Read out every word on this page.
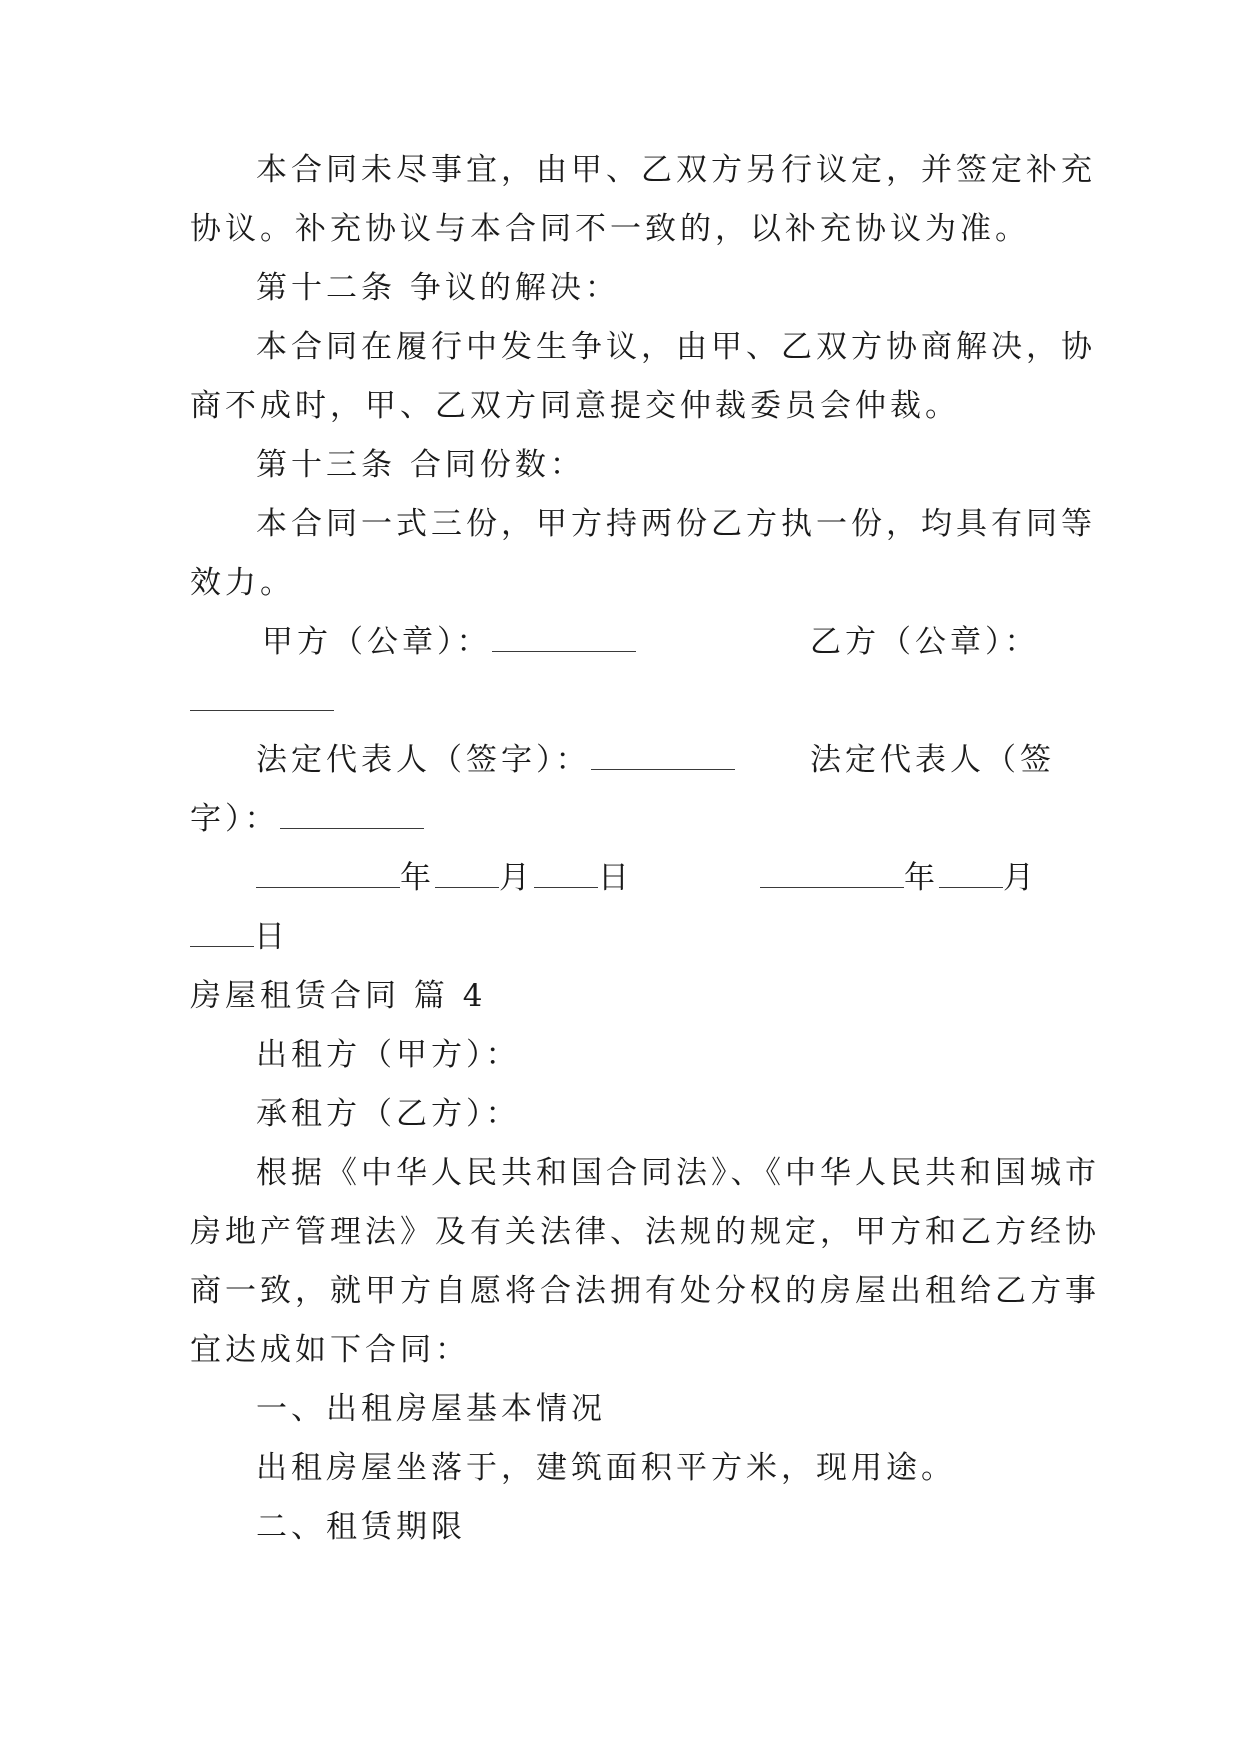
本合同未尽事宜，由甲、乙双方另行议定，并签定补充
协议。补充协议与本合同不一致的，以补充协议为准。
第十二条 争议的解决：
本合同在履行中发生争议，由甲、乙双方协商解决，协
商不成时，甲、乙双方同意提交仲裁委员会仲裁。
第十三条 合同份数：
本合同一式三份，甲方持两份乙方执一份，均具有同等
效力。
甲方（公章）：	乙方（公章）：
法定代表人（签字）：	法定代表人（签
字）：
年 月 日	年 月
日
房屋租赁合同 篇 4
出租方（甲方）：
承租方（乙方）：
根据《中华人民共和国合同法》、《中华人民共和国城市
房地产管理法》及有关法律、法规的规定，甲方和乙方经协
商一致，就甲方自愿将合法拥有处分权的房屋出租给乙方事
宜达成如下合同：
一、出租房屋基本情况
出租房屋坐落于，建筑面积平方米，现用途。
二、租赁期限
